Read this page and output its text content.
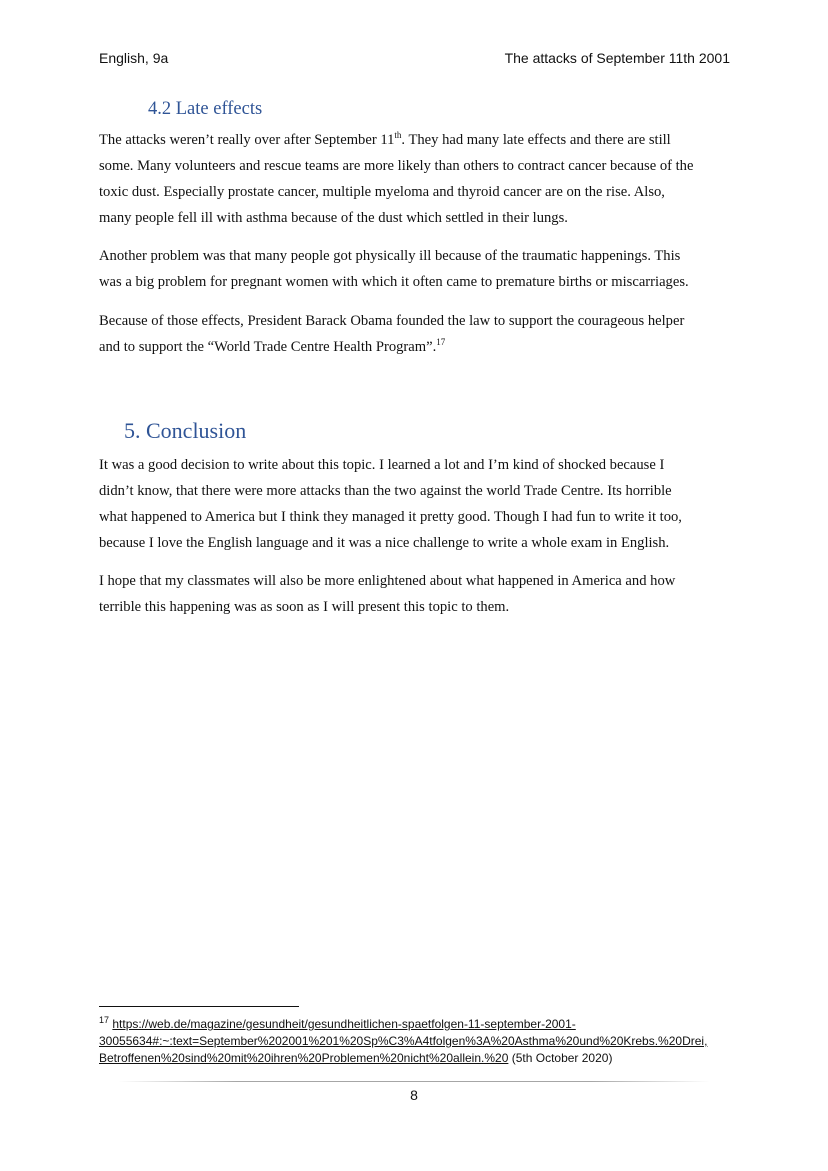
English, 9a	The attacks of September 11th 2001
4.2 Late effects
The attacks weren’t really over after September 11th. They had many late effects and there are still
some. Many volunteers and rescue teams are more likely than others to contract cancer because of the
toxic dust. Especially prostate cancer, multiple myeloma and thyroid cancer are on the rise. Also,
many people fell ill with asthma because of the dust which settled in their lungs.
Another problem was that many people got physically ill because of the traumatic happenings. This
was a big problem for pregnant women with which it often came to premature births or miscarriages.
Because of those effects, President Barack Obama founded the law to support the courageous helper
and to support the “World Trade Centre Health Program”.$^{17}$
5. Conclusion
It was a good decision to write about this topic. I learned a lot and I’m kind of shocked because I
didn’t know, that there were more attacks than the two against the world Trade Centre. Its horrible
what happened to America but I think they managed it pretty good. Though I had fun to write it too,
because I love the English language and it was a nice challenge to write a whole exam in English.
I hope that my classmates will also be more enlightened about what happened in America and how
terrible this happening was as soon as I will present this topic to them.
$^{17}$ https://web.de/magazine/gesundheit/gesundheitlichen-spaetfolgen-11-september-2001-
30055634#:~:text=September%202001%201%20Sp%C3%A4tfolgen%3A%20Asthma%20und%20Krebs.%20Drei,
Betroffenen%20sind%20mit%20ihren%20Problemen%20nicht%20allein.%20 (5th October 2020)
8
